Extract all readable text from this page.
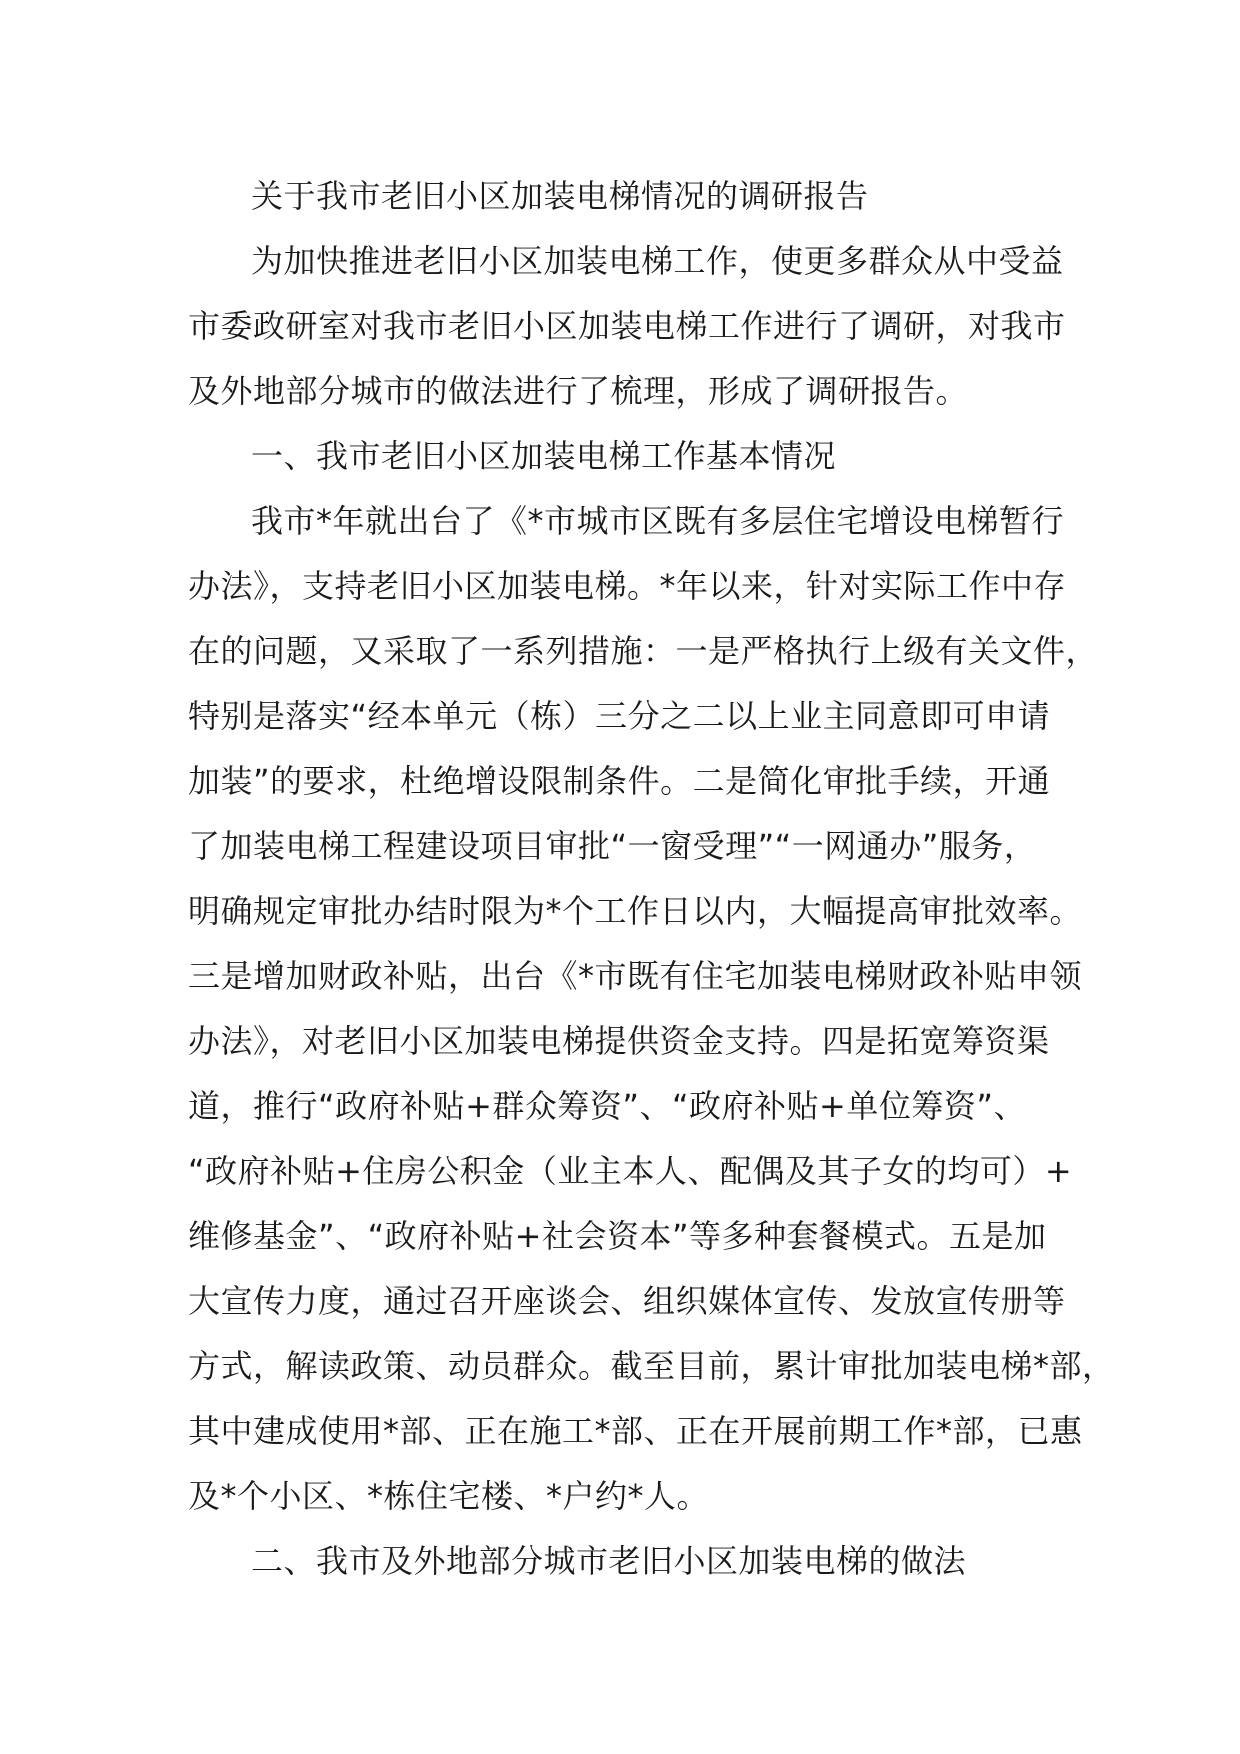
关于我市老旧小区加装电梯情况的调研报告
为加快推进老旧小区加装电梯工作，使更多群众从中受益
市委政研室对我市老旧小区加装电梯工作进行了调研，对我市
及外地部分城市的做法进行了梳理，形成了调研报告。
一、我市老旧小区加装电梯工作基本情况
我市*年就出台了《*市城市区既有多层住宅增设电梯暂行
办法》，支持老旧小区加装电梯。*年以来，针对实际工作中存
在的问题，又采取了一系列措施：一是严格执行上级有关文件，
特别是落实“经本单元（栋）三分之二以上业主同意即可申请
加装”的要求，杜绝增设限制条件。二是简化审批手续，开通
了加装电梯工程建设项目审批“一窗受理”“一网通办”服务，
明确规定审批办结时限为*个工作日以内，大幅提高审批效率。
三是增加财政补贴，出台《*市既有住宅加装电梯财政补贴申领
办法》，对老旧小区加装电梯提供资金支持。四是拓宽筹资渠
道，推行“政府补贴+群众筹资”、“政府补贴+单位筹资”、
“政府补贴+住房公积金（业主本人、配偶及其子女的均可）+
维修基金”、“政府补贴+社会资本”等多种套餐模式。五是加
大宣传力度，通过召开座谈会、组织媒体宣传、发放宣传册等
方式，解读政策、动员群众。截至目前，累计审批加装电梯*部，
其中建成使用*部、正在施工*部、正在开展前期工作*部，已惠
及*个小区、*栋住宅楼、*户约*人。
二、我市及外地部分城市老旧小区加装电梯的做法
